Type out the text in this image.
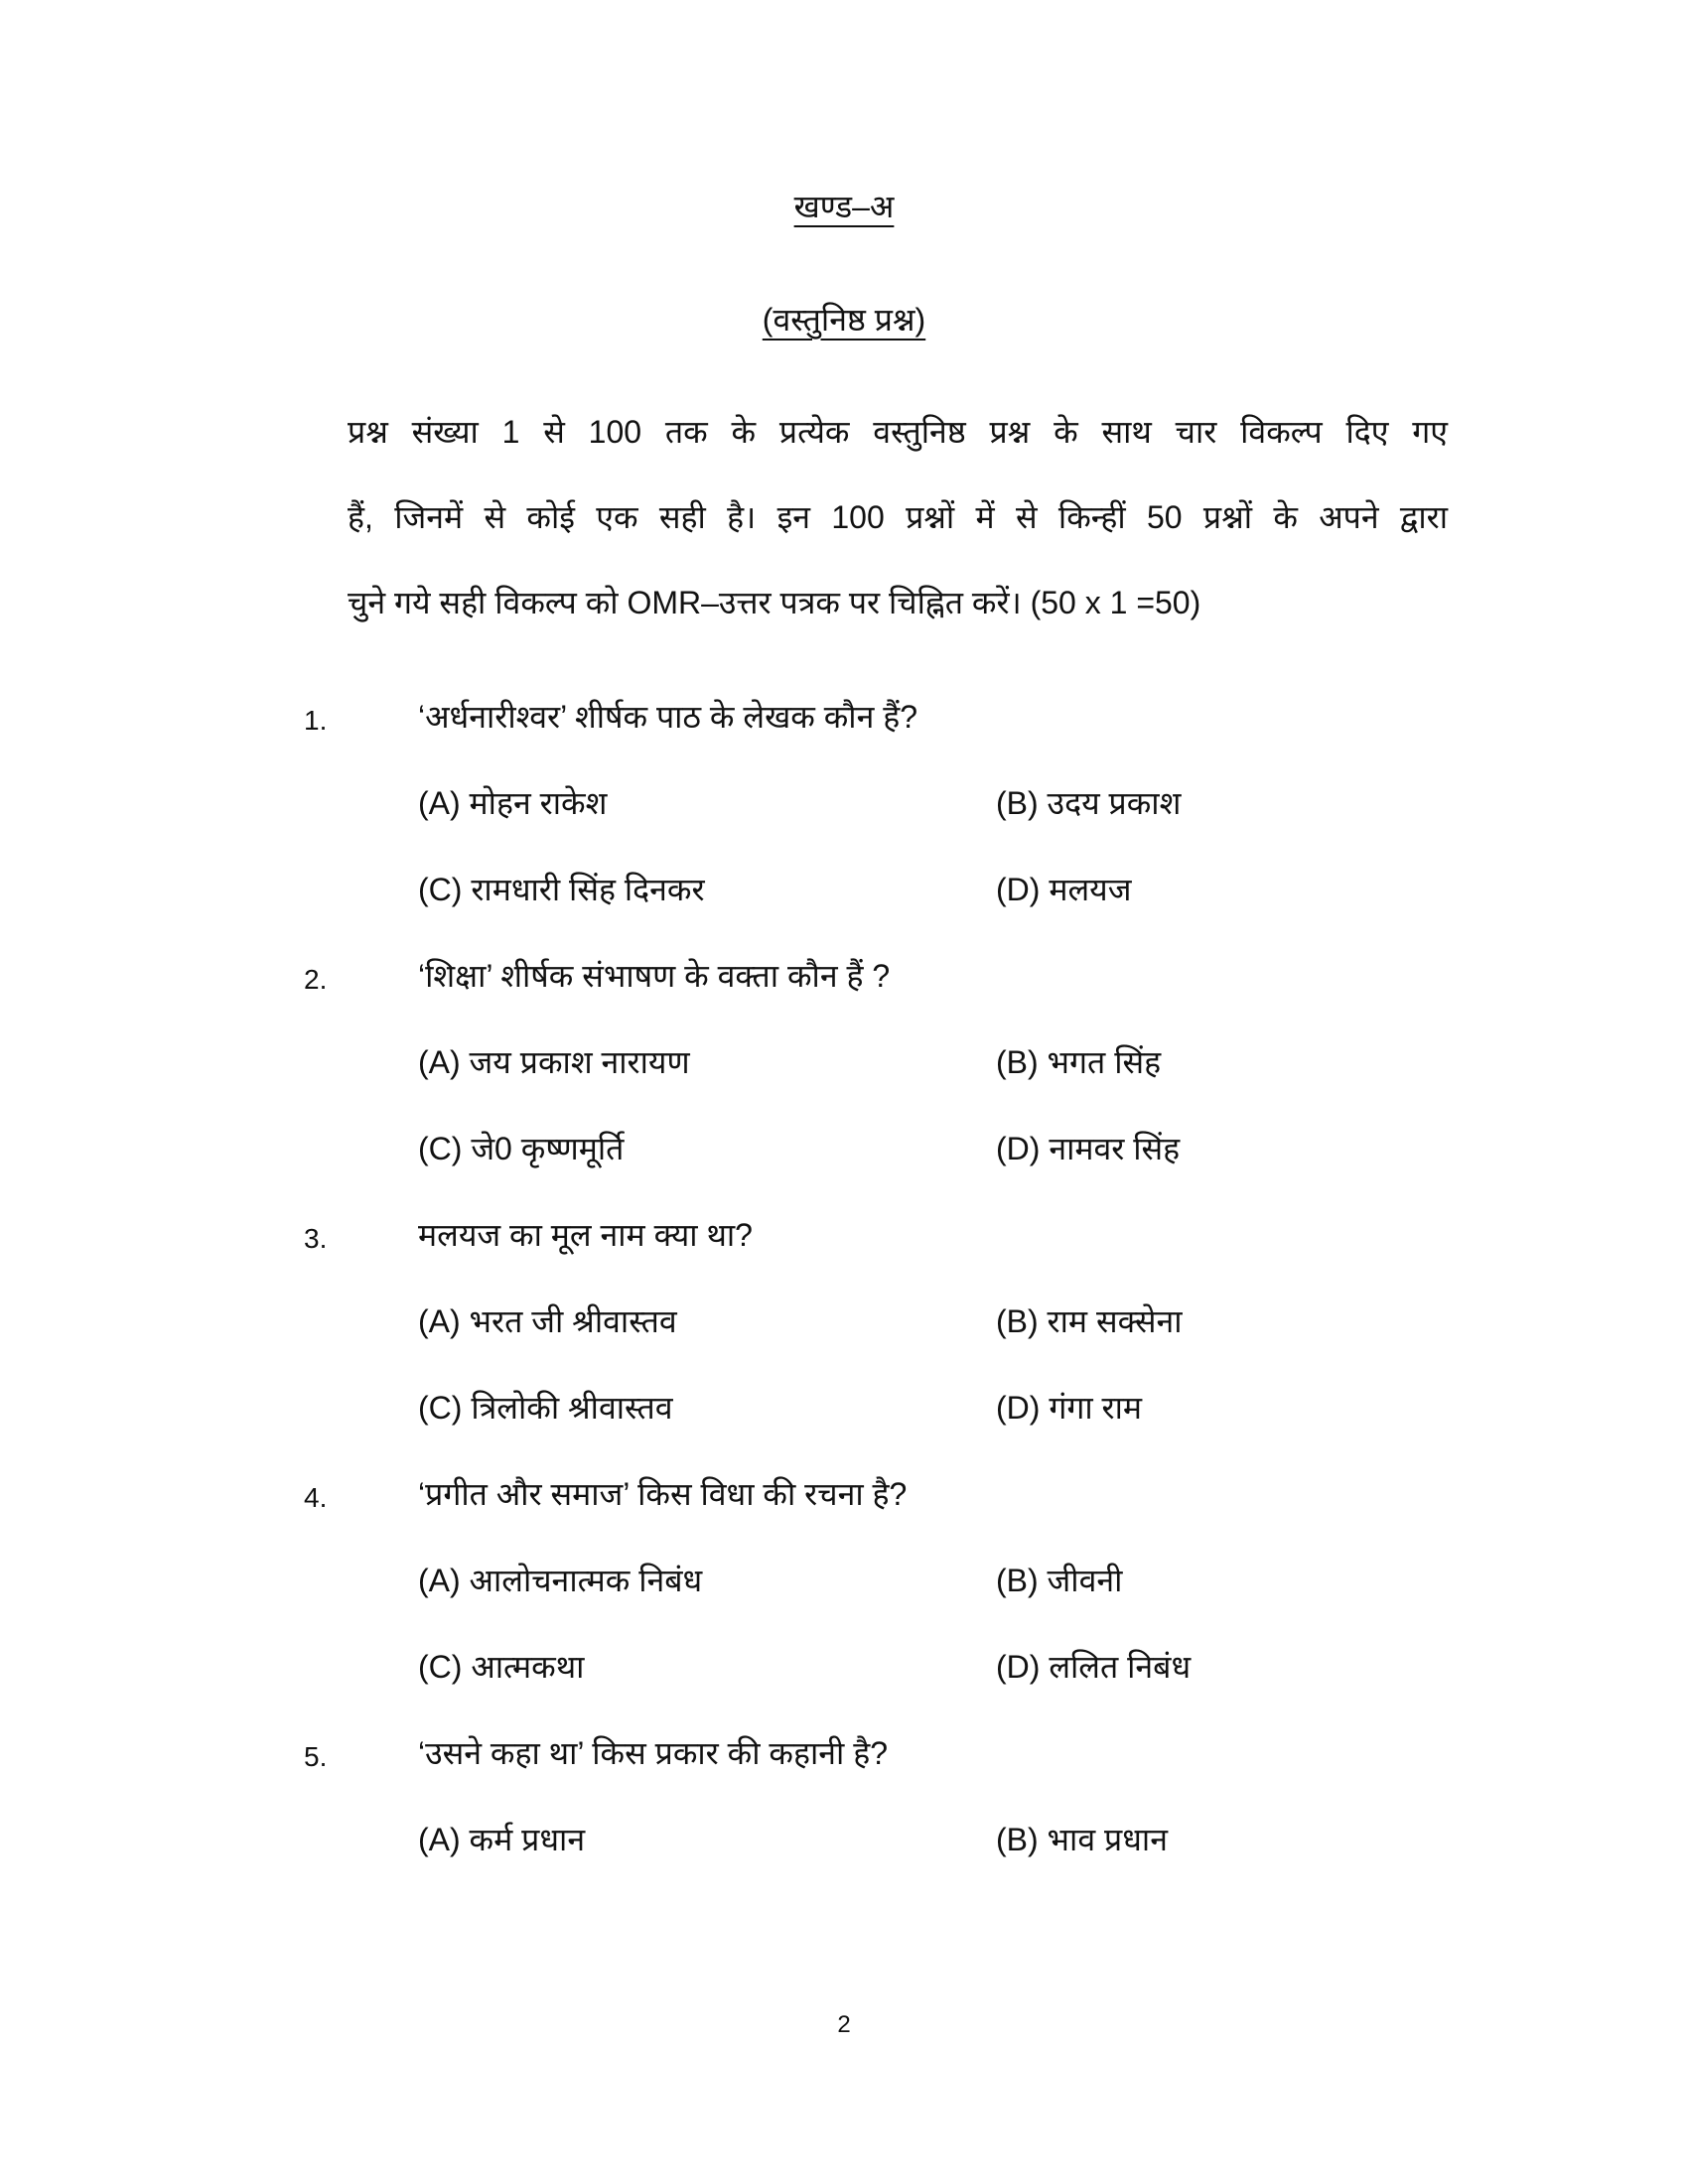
खण्ड–अ
(वस्तुनिष्ठ प्रश्न)
प्रश्न संख्या 1 से 100 तक के प्रत्येक वस्तुनिष्ठ प्रश्न के साथ चार विकल्प दिए गए
हैं, जिनमें से कोई एक सही है। इन 100 प्रश्नों में से किन्हीं 50 प्रश्नों के अपने द्वारा
चुने गये सही विकल्प को OMR–उत्तर पत्रक पर चिह्नित करें। (50 x 1 =50)
1.	‘अर्धनारीश्वर’ शीर्षक पाठ के लेखक कौन हैं?
(A) मोहन राकेश	(B) उदय प्रकाश
(C) रामधारी सिंह दिनकर	(D) मलयज
2.	‘शिक्षा’ शीर्षक संभाषण के वक्ता कौन हैं ?
(A) जय प्रकाश नारायण	(B) भगत सिंह
(C) जे0 कृष्णमूर्ति	(D) नामवर सिंह
3.	मलयज का मूल नाम क्या था?
(A) भरत जी श्रीवास्तव	(B) राम सक्सेना
(C) त्रिलोकी श्रीवास्तव	(D) गंगा राम
4.	‘प्रगीत और समाज’ किस विधा की रचना है?
(A) आलोचनात्मक निबंध	(B) जीवनी
(C) आत्मकथा	(D) ललित निबंध
5.	‘उसने कहा था’ किस प्रकार की कहानी है?
(A) कर्म प्रधान	(B) भाव प्रधान
2
